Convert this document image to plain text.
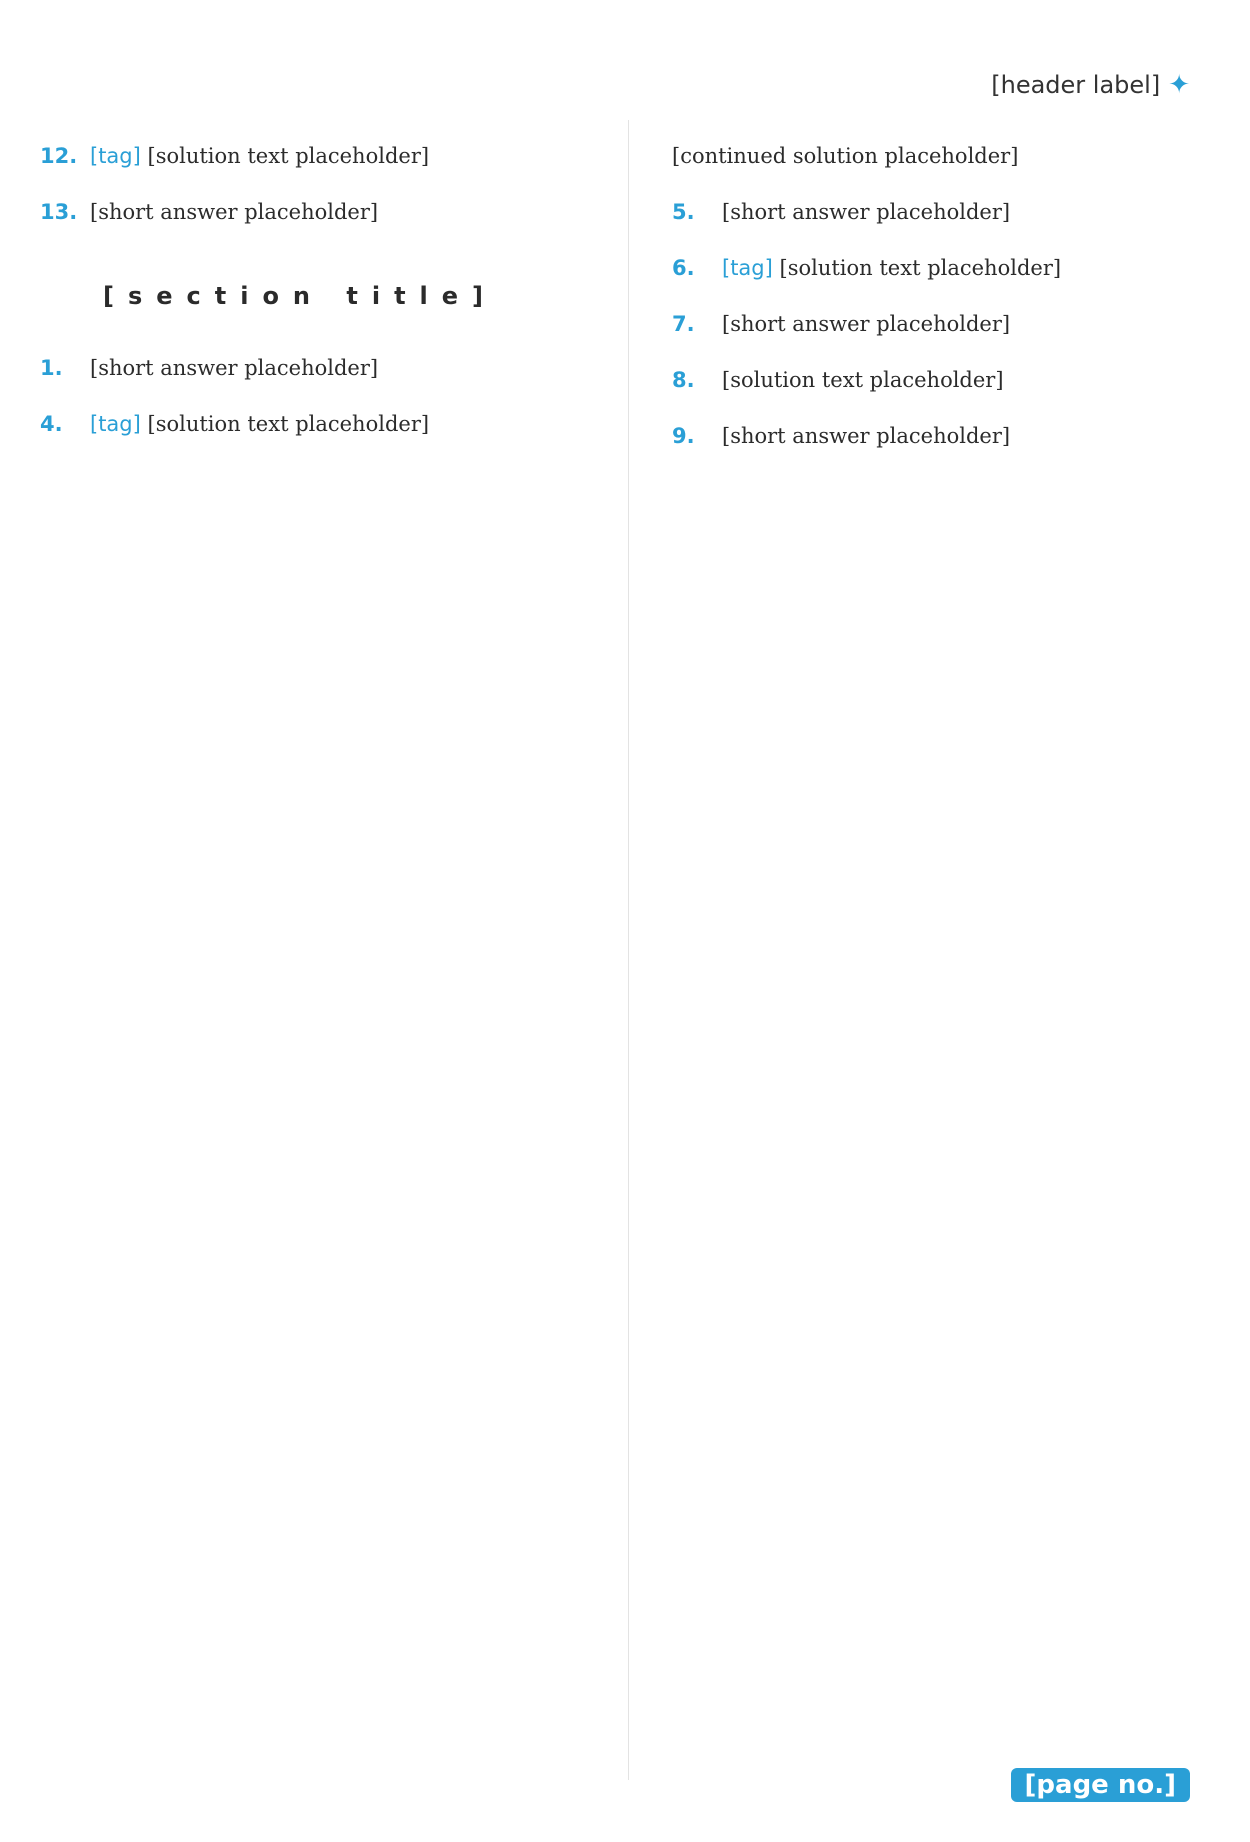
[header label] ✦
12. [tag] [solution text placeholder]
13. [short answer placeholder]
[section title]
1.	[short answer placeholder]
4.	[tag] [solution text placeholder]
[continued solution placeholder]
5.	[short answer placeholder]
6.	[tag] [solution text placeholder]
7.	[short answer placeholder]
8.	[solution text placeholder]
9.	[short answer placeholder]
[page no.]
